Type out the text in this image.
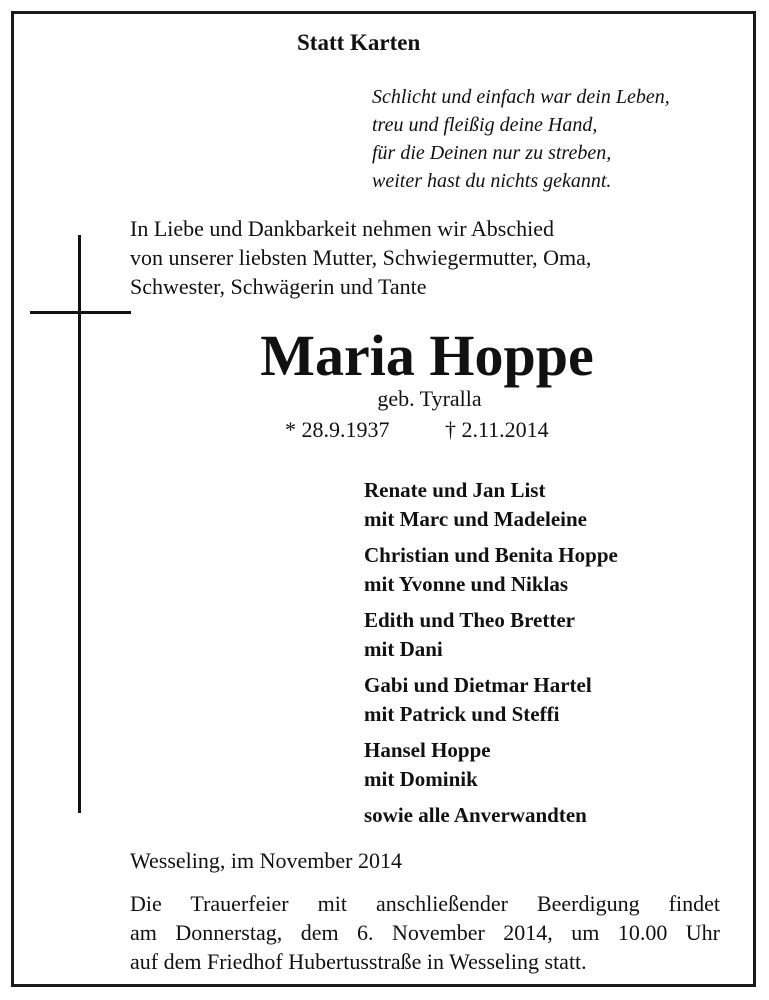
Statt Karten
Schlicht und einfach war dein Leben,
treu und fleißig deine Hand,
für die Deinen nur zu streben,
weiter hast du nichts gekannt.
In Liebe und Dankbarkeit nehmen wir Abschied
von unserer liebsten Mutter, Schwiegermutter, Oma,
Schwester, Schwägerin und Tante
Maria Hoppe
geb. Tyralla
* 28.9.1937	† 2.11.2014
Renate und Jan List
mit Marc und Madeleine
Christian und Benita Hoppe
mit Yvonne und Niklas
Edith und Theo Bretter
mit Dani
Gabi und Dietmar Hartel
mit Patrick und Steffi
Hansel Hoppe
mit Dominik
sowie alle Anverwandten
Wesseling, im November 2014
Die Trauerfeier mit anschließender Beerdigung findet
am Donnerstag, dem 6. November 2014, um 10.00 Uhr
auf dem Friedhof Hubertusstraße in Wesseling statt.
